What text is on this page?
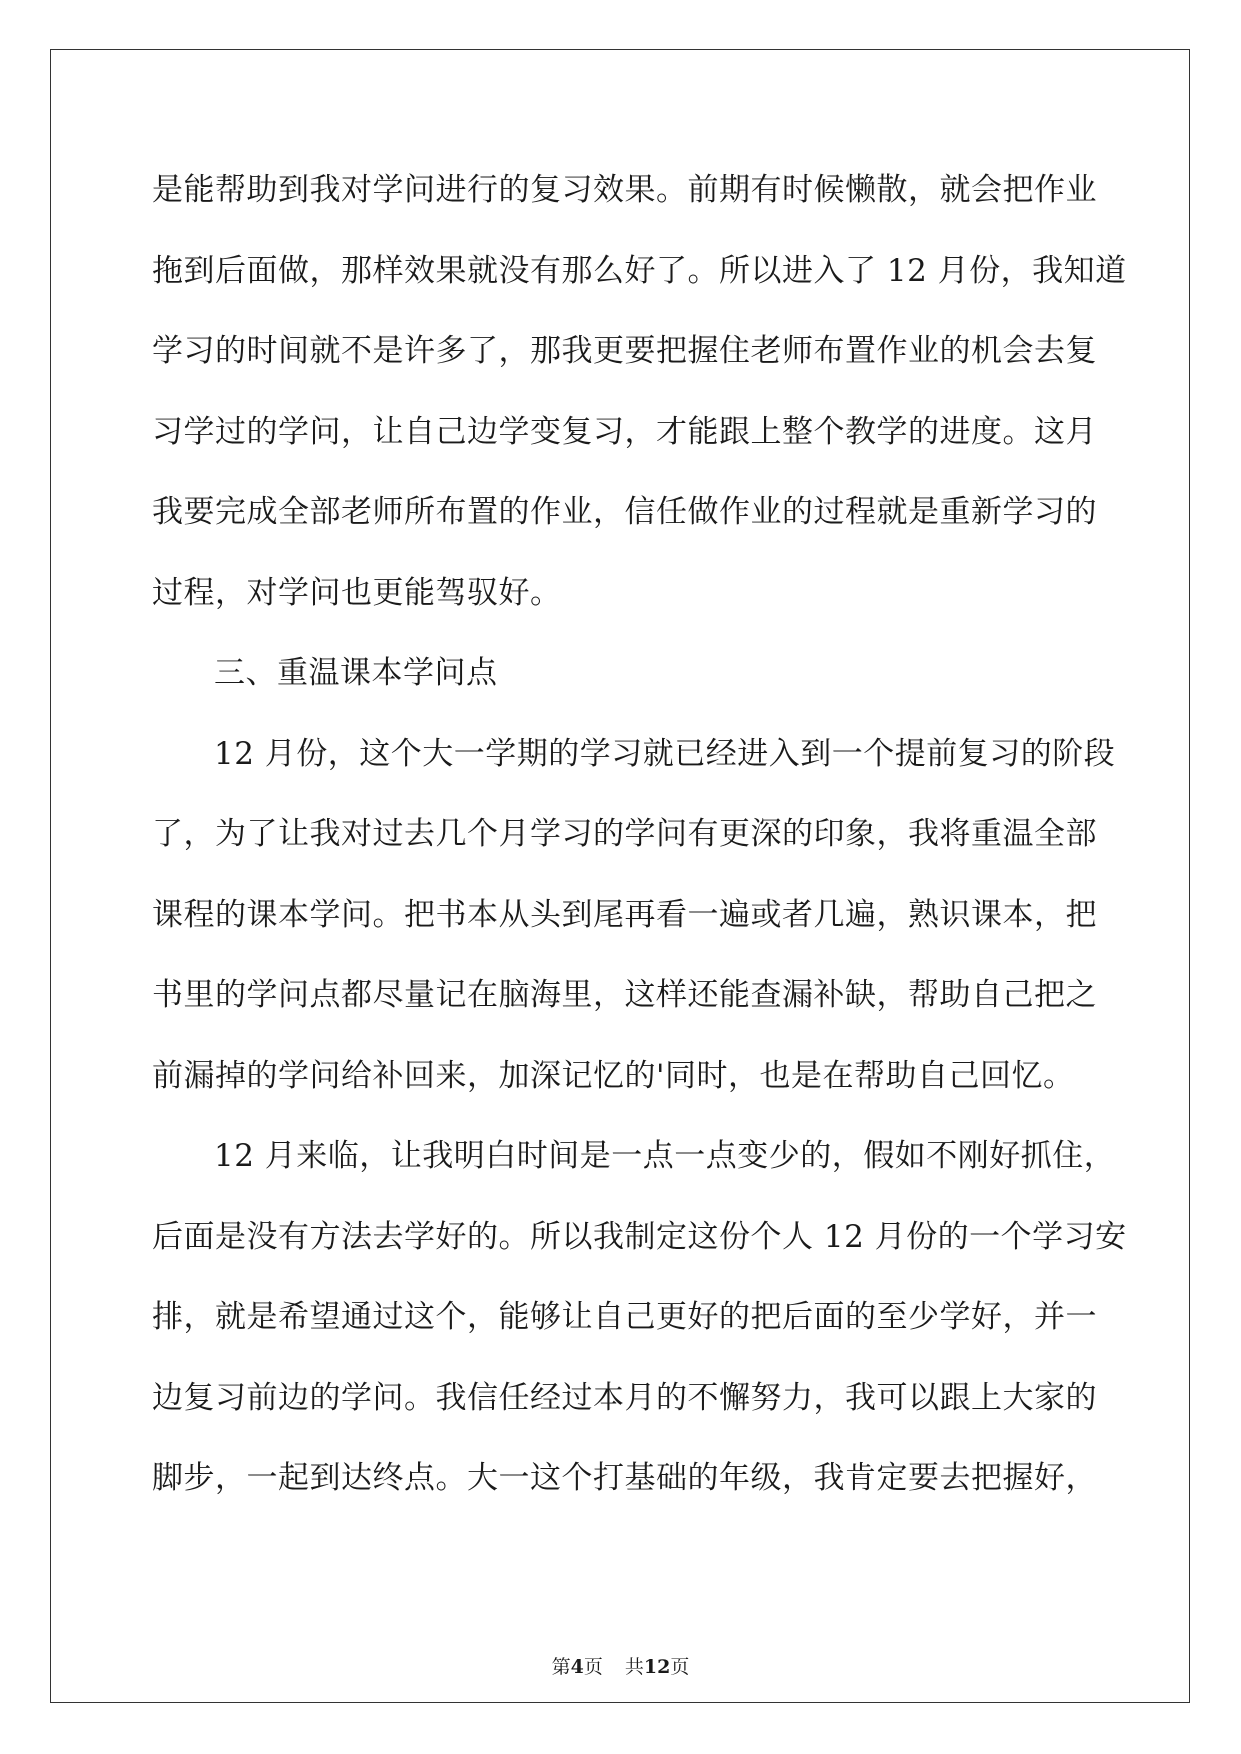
是能帮助到我对学问进行的复习效果。前期有时候懒散，就会把作业
拖到后面做，那样效果就没有那么好了。所以进入了 12 月份，我知道
学习的时间就不是许多了，那我更要把握住老师布置作业的机会去复
习学过的学问，让自己边学变复习，才能跟上整个教学的进度。这月
我要完成全部老师所布置的作业，信任做作业的过程就是重新学习的
过程，对学问也更能驾驭好。
三、重温课本学问点
12 月份，这个大一学期的学习就已经进入到一个提前复习的阶段
了，为了让我对过去几个月学习的学问有更深的印象，我将重温全部
课程的课本学问。把书本从头到尾再看一遍或者几遍，熟识课本，把
书里的学问点都尽量记在脑海里，这样还能查漏补缺，帮助自己把之
前漏掉的学问给补回来，加深记忆的'同时，也是在帮助自己回忆。
12 月来临，让我明白时间是一点一点变少的，假如不刚好抓住，
后面是没有方法去学好的。所以我制定这份个人 12 月份的一个学习安
排，就是希望通过这个，能够让自己更好的把后面的至少学好，并一
边复习前边的学问。我信任经过本月的不懈努力，我可以跟上大家的
脚步，一起到达终点。大一这个打基础的年级，我肯定要去把握好，
第4页 共12页
